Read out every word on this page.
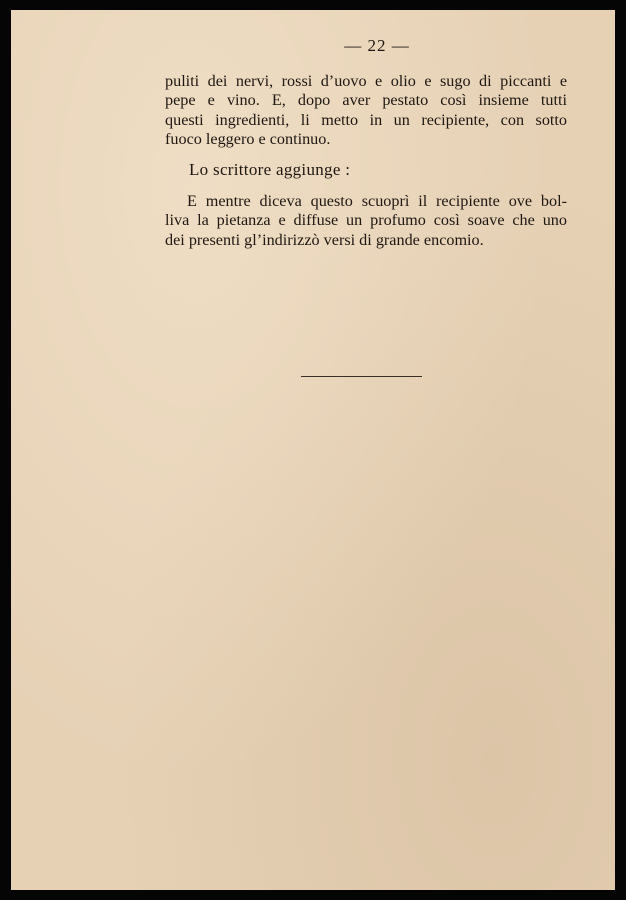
— 22 —
puliti dei nervi, rossi d’uovo e olio e sugo di piccanti e
pepe e vino. E, dopo aver pestato così insieme tutti
questi ingredienti, li metto in un recipiente, con sotto
fuoco leggero e continuo.
Lo scrittore aggiunge :
E mentre diceva questo scuoprì il recipiente ove bol-
liva la pietanza e diffuse un profumo così soave che uno
dei presenti gl’indirizzò versi di grande encomio.
